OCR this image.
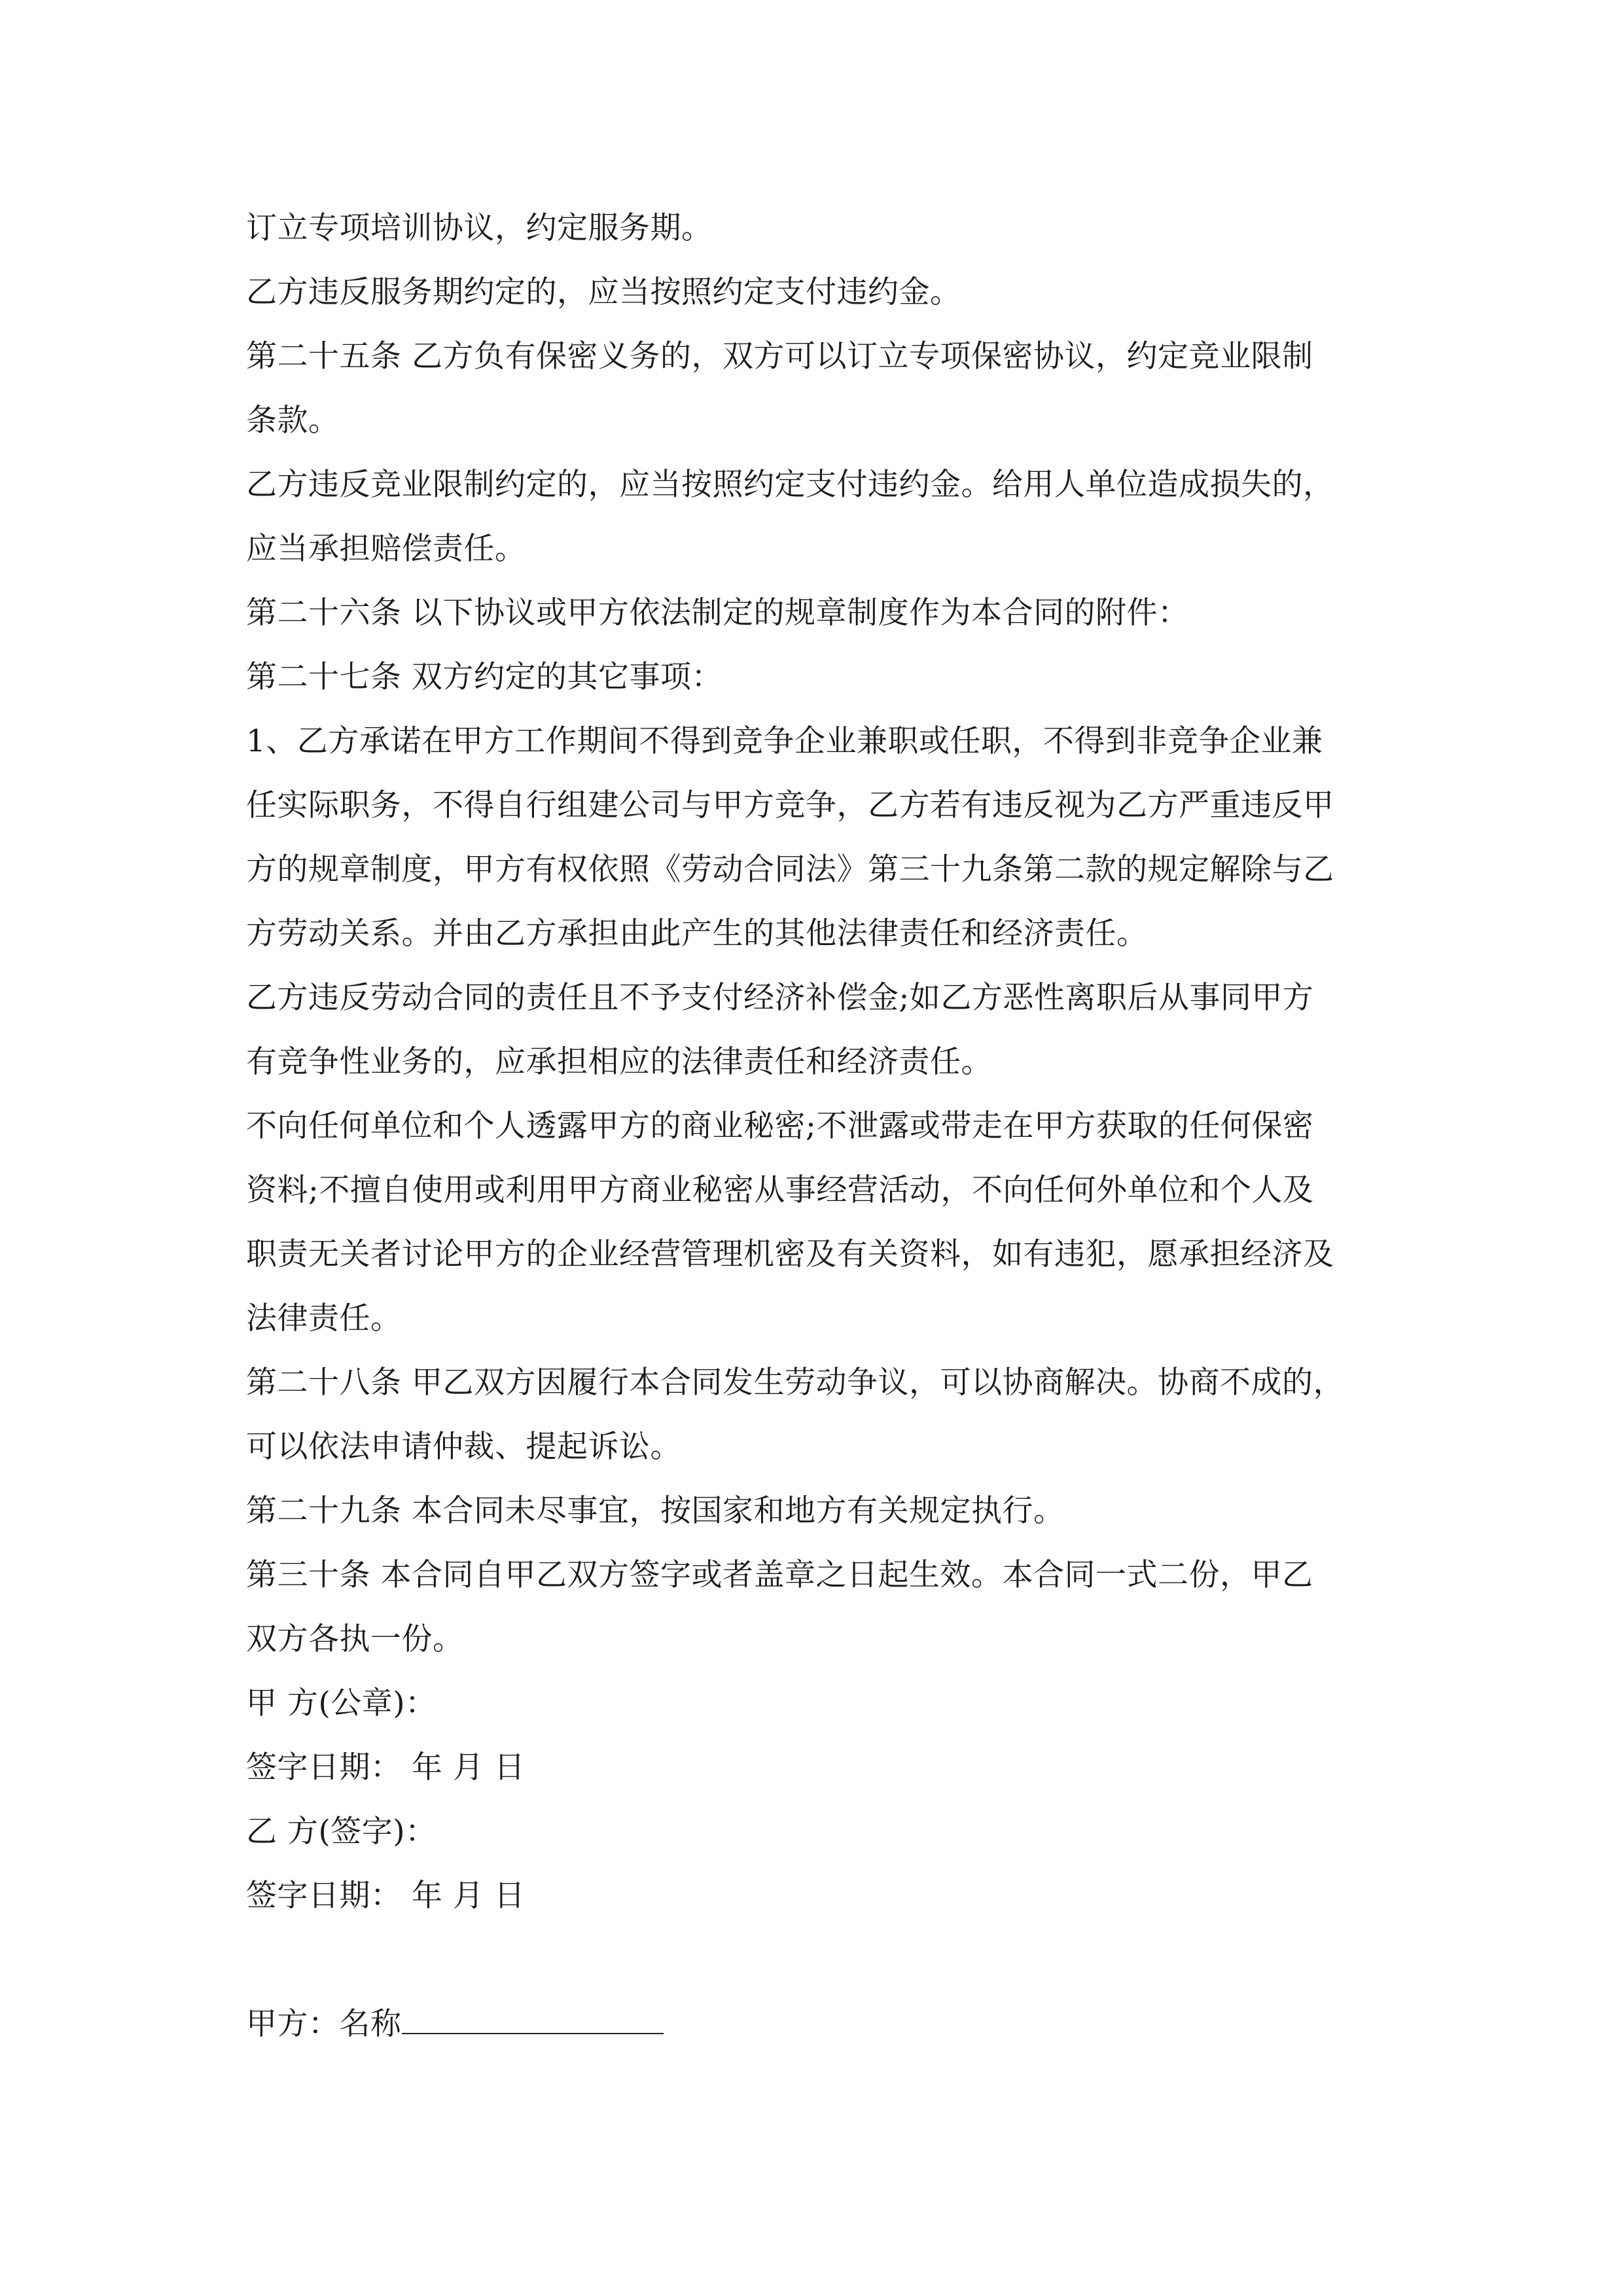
订立专项培训协议，约定服务期。

乙方违反服务期约定的，应当按照约定支付违约金。

第二十五条 乙方负有保密义务的，双方可以订立专项保密协议，约定竞业限制

条款。

乙方违反竞业限制约定的，应当按照约定支付违约金。给用人单位造成损失的，

应当承担赔偿责任。

第二十六条 以下协议或甲方依法制定的规章制度作为本合同的附件：

第二十七条 双方约定的其它事项：

1、乙方承诺在甲方工作期间不得到竞争企业兼职或任职，不得到非竞争企业兼

任实际职务，不得自行组建公司与甲方竞争，乙方若有违反视为乙方严重违反甲

方的规章制度，甲方有权依照《劳动合同法》第三十九条第二款的规定解除与乙

方劳动关系。并由乙方承担由此产生的其他法律责任和经济责任。

乙方违反劳动合同的责任且不予支付经济补偿金;如乙方恶性离职后从事同甲方

有竞争性业务的，应承担相应的法律责任和经济责任。

不向任何单位和个人透露甲方的商业秘密;不泄露或带走在甲方获取的任何保密

资料;不擅自使用或利用甲方商业秘密从事经营活动，不向任何外单位和个人及

职责无关者讨论甲方的企业经营管理机密及有关资料，如有违犯，愿承担经济及

法律责任。

第二十八条 甲乙双方因履行本合同发生劳动争议，可以协商解决。协商不成的，

可以依法申请仲裁、提起诉讼。

第二十九条 本合同未尽事宜，按国家和地方有关规定执行。

第三十条 本合同自甲乙双方签字或者盖章之日起生效。本合同一式二份，甲乙

双方各执一份。

甲 方(公章)：

签字日期： 年 月 日

乙 方(签字)：

签字日期： 年 月 日

甲方：名称
